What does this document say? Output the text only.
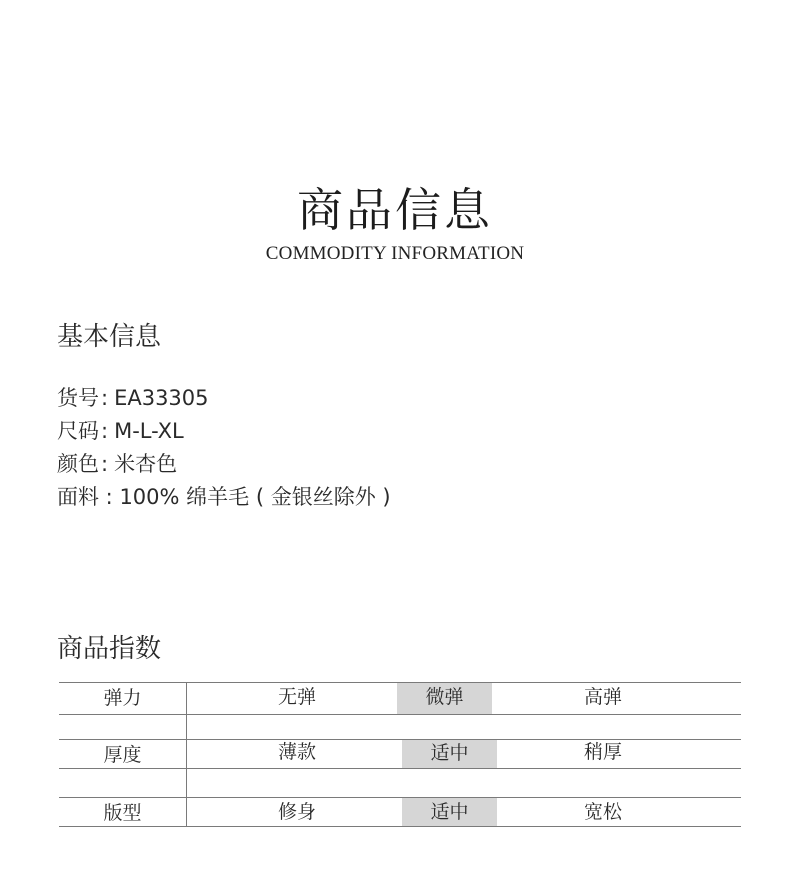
商品信息
COMMODITY INFORMATION
基本信息
货号: EA33305
尺码: M-L-XL
颜色: 米杏色
面料 : 100% 绵羊毛 ( 金银丝除外 )
商品指数
弹力	无弹	微弹	高弹
厚度	薄款	适中	稍厚
版型	修身	适中	宽松
